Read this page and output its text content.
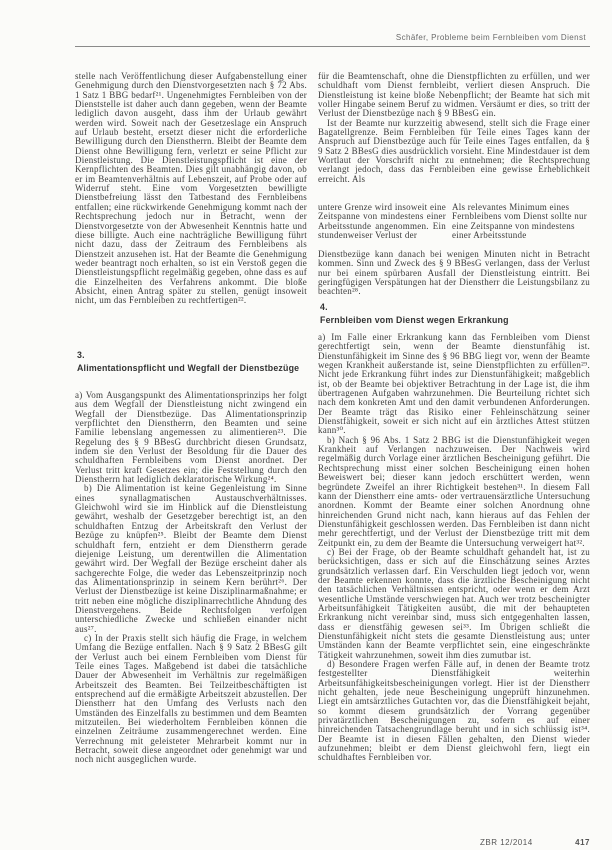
Schäfer, Probleme beim Fernbleiben vom Dienst

stelle nach Veröffentlichung dieser Aufgabenstellung einer Genehmigung durch den Dienstvorgesetzten nach § 72 Abs. 1 Satz 1 BBG bedarf²¹. Ungenehmigtes Fernbleiben von der Dienststelle ist daher auch dann gegeben, wenn der Beamte lediglich davon ausgeht, dass ihm der Urlaub gewährt werden wird. Soweit nach der Gesetzeslage ein Anspruch auf Urlaub besteht, ersetzt dieser nicht die erforderliche Bewilligung durch den Dienstherrn. Bleibt der Beamte dem Dienst ohne Bewilligung fern, verletzt er seine Pflicht zur Dienstleistung. Die Dienstleistungspflicht ist eine der Kernpflichten des Beamten. Dies gilt unabhängig davon, ob er im Beamtenverhältnis auf Lebenszeit, auf Probe oder auf Widerruf steht. Eine vom Vorgesetzten bewilligte Dienstbefreiung lässt den Tatbestand des Fernbleibens entfallen; eine rückwirkende Genehmigung kommt nach der Rechtsprechung jedoch nur in Betracht, wenn der Dienstvorgesetzte von der Abwesenheit Kenntnis hatte und diese billigte. Auch eine nachträgliche Bewilligung führt nicht dazu, dass der Zeitraum des Fernbleibens als Dienstzeit anzusehen ist. Hat der Beamte die Genehmigung weder beantragt noch erhalten, so ist ein Verstoß gegen die Dienstleistungspflicht regelmäßig gegeben, ohne dass es auf die Einzelheiten des Verfahrens ankommt. Die bloße Absicht, einen Antrag später zu stellen, genügt insoweit nicht, um das Fernbleiben zu rechtfertigen²².

3.
Alimentationspflicht und Wegfall der Dienstbezüge

a) Vom Ausgangspunkt des Alimentationsprinzips her folgt aus dem Wegfall der Dienstleistung nicht zwingend ein Wegfall der Dienstbezüge. Das Alimentationsprinzip verpflichtet den Dienstherrn, den Beamten und seine Familie lebenslang angemessen zu alimentieren²³. Die Regelung des § 9 BBesG durchbricht diesen Grundsatz, indem sie den Verlust der Besoldung für die Dauer des schuldhaften Fernbleibens vom Dienst anordnet. Der Verlust tritt kraft Gesetzes ein; die Feststellung durch den Dienstherrn hat lediglich deklaratorische Wirkung²⁴.

b) Die Alimentation ist keine Gegenleistung im Sinne eines synallagmatischen Austauschverhältnisses. Gleichwohl wird sie im Hinblick auf die Dienstleistung gewährt, weshalb der Gesetzgeber berechtigt ist, an den schuldhaften Entzug der Arbeitskraft den Verlust der Bezüge zu knüpfen²⁵. Bleibt der Beamte dem Dienst schuldhaft fern, entzieht er dem Dienstherrn gerade diejenige Leistung, um derentwillen die Alimentation gewährt wird. Der Wegfall der Bezüge erscheint daher als sachgerechte Folge, die weder das Lebenszeitprinzip noch das Alimentationsprinzip in seinem Kern berührt²⁶. Der Verlust der Dienstbezüge ist keine Disziplinarmaßnahme; er tritt neben eine mögliche disziplinarrechtliche Ahndung des Dienstvergehens. Beide Rechtsfolgen verfolgen unterschiedliche Zwecke und schließen einander nicht aus²⁷.

c) In der Praxis stellt sich häufig die Frage, in welchem Umfang die Bezüge entfallen. Nach § 9 Satz 2 BBesG gilt der Verlust auch bei einem Fernbleiben vom Dienst für Teile eines Tages. Maßgebend ist dabei die tatsächliche Dauer der Abwesenheit im Verhältnis zur regelmäßigen Arbeitszeit des Beamten. Bei Teilzeitbeschäftigten ist entsprechend auf die ermäßigte Arbeitszeit abzustellen. Der Dienstherr hat den Umfang des Verlusts nach den Umständen des Einzelfalls zu bestimmen und dem Beamten mitzuteilen. Bei wiederholtem Fernbleiben können die einzelnen Zeiträume zusammengerechnet werden. Eine Verrechnung mit geleisteter Mehrarbeit kommt nur in Betracht, soweit diese angeordnet oder genehmigt war und noch nicht ausgeglichen wurde.

für die Beamtenschaft, ohne die Dienstpflichten zu erfüllen, und wer schuldhaft vom Dienst fernbleibt, verliert diesen Anspruch. Die Dienstleistung ist keine bloße Nebenpflicht; der Beamte hat sich mit voller Hingabe seinem Beruf zu widmen. Versäumt er dies, so tritt der Verlust der Dienstbezüge nach § 9 BBesG ein.

Ist der Beamte nur kurzzeitig abwesend, stellt sich die Frage einer Bagatellgrenze. Beim Fernbleiben für Teile eines Tages kann der Anspruch auf Dienstbezüge auch für Teile eines Tages entfallen, da § 9 Satz 2 BBesG dies ausdrücklich vorsieht. Eine Mindestdauer ist dem Wortlaut der Vorschrift nicht zu entnehmen; die Rechtsprechung verlangt jedoch, dass das Fernbleiben eine gewisse Erheblichkeit erreicht. Als

untere Grenze wird insoweit eine Zeitspanne von mindestens einer Arbeitsstunde angenommen. Ein stundenweiser Verlust der

Als relevantes Minimum eines Fernbleibens vom Dienst sollte nur eine Zeitspanne von mindestens einer Arbeitsstunde

Dienstbezüge kann danach bei wenigen Minuten nicht in Betracht kommen. Sinn und Zweck des § 9 BBesG verlangen, dass der Verlust nur bei einem spürbaren Ausfall der Dienstleistung eintritt. Bei geringfügigen Verspätungen hat der Dienstherr die Leistungsbilanz zu beachten²⁸.

4.
Fernbleiben vom Dienst wegen Erkrankung

a) Im Falle einer Erkrankung kann das Fernbleiben vom Dienst gerechtfertigt sein, wenn der Beamte dienstunfähig ist. Dienstunfähigkeit im Sinne des § 96 BBG liegt vor, wenn der Beamte wegen Krankheit außerstande ist, seine Dienstpflichten zu erfüllen²⁹. Nicht jede Erkrankung führt indes zur Dienstunfähigkeit; maßgeblich ist, ob der Beamte bei objektiver Betrachtung in der Lage ist, die ihm übertragenen Aufgaben wahrzunehmen. Die Beurteilung richtet sich nach dem konkreten Amt und den damit verbundenen Anforderungen. Der Beamte trägt das Risiko einer Fehleinschätzung seiner Dienstfähigkeit, soweit er sich nicht auf ein ärztliches Attest stützen kann³⁰.

b) Nach § 96 Abs. 1 Satz 2 BBG ist die Dienstunfähigkeit wegen Krankheit auf Verlangen nachzuweisen. Der Nachweis wird regelmäßig durch Vorlage einer ärztlichen Bescheinigung geführt. Die Rechtsprechung misst einer solchen Bescheinigung einen hohen Beweiswert bei; dieser kann jedoch erschüttert werden, wenn begründete Zweifel an ihrer Richtigkeit bestehen³¹. In diesem Fall kann der Dienstherr eine amts- oder vertrauensärztliche Untersuchung anordnen. Kommt der Beamte einer solchen Anordnung ohne hinreichenden Grund nicht nach, kann hieraus auf das Fehlen der Dienstunfähigkeit geschlossen werden. Das Fernbleiben ist dann nicht mehr gerechtfertigt, und der Verlust der Dienstbezüge tritt mit dem Zeitpunkt ein, zu dem der Beamte die Untersuchung verweigert hat³².

c) Bei der Frage, ob der Beamte schuldhaft gehandelt hat, ist zu berücksichtigen, dass er sich auf die Einschätzung seines Arztes grundsätzlich verlassen darf. Ein Verschulden liegt jedoch vor, wenn der Beamte erkennen konnte, dass die ärztliche Bescheinigung nicht den tatsächlichen Verhältnissen entspricht, oder wenn er dem Arzt wesentliche Umstände verschwiegen hat. Auch wer trotz bescheinigter Arbeitsunfähigkeit Tätigkeiten ausübt, die mit der behaupteten Erkrankung nicht vereinbar sind, muss sich entgegenhalten lassen, dass er dienstfähig gewesen sei³³. Im Übrigen schließt die Dienstunfähigkeit nicht stets die gesamte Dienstleistung aus; unter Umständen kann der Beamte verpflichtet sein, eine eingeschränkte Tätigkeit wahrzunehmen, soweit ihm dies zumutbar ist.

d) Besondere Fragen werfen Fälle auf, in denen der Beamte trotz festgestellter Dienstfähigkeit weiterhin Arbeitsunfähigkeitsbescheinigungen vorlegt. Hier ist der Dienstherr nicht gehalten, jede neue Bescheinigung ungeprüft hinzunehmen. Liegt ein amtsärztliches Gutachten vor, das die Dienstfähigkeit bejaht, so kommt diesem grundsätzlich der Vorrang gegenüber privatärztlichen Bescheinigungen zu, sofern es auf einer hinreichenden Tatsachengrundlage beruht und in sich schlüssig ist³⁴. Der Beamte ist in diesen Fällen gehalten, den Dienst wieder aufzunehmen; bleibt er dem Dienst gleichwohl fern, liegt ein schuldhaftes Fernbleiben vor.

ZBR 12/2014	417
